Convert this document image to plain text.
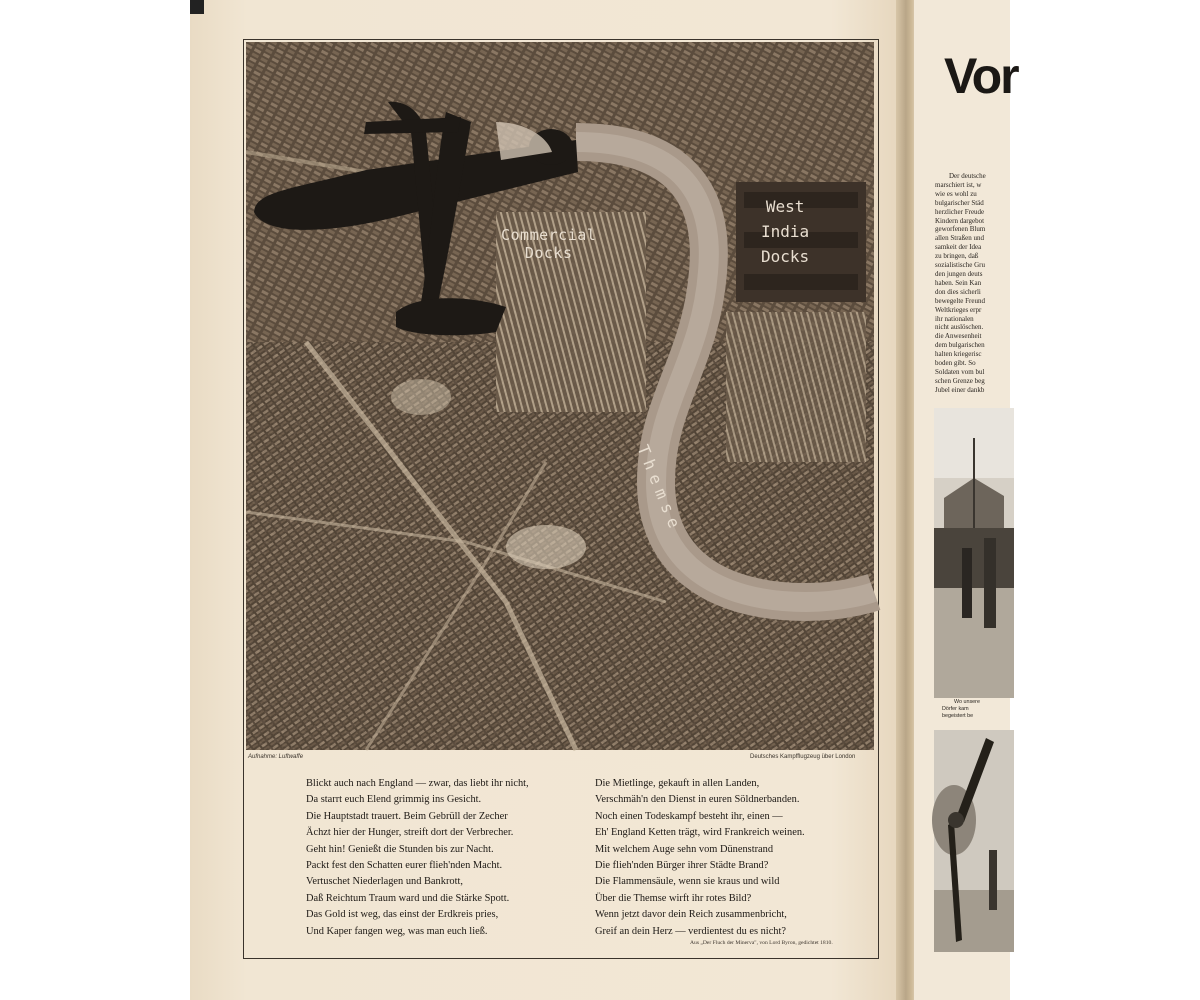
Commercial
Docks
West
India
Docks
Themse
Aufnahme: Luftwaffe	Deutsches Kampfflugzeug über London
Blickt auch nach England — zwar, das liebt ihr nicht,
Da starrt euch Elend grimmig ins Gesicht.
Die Hauptstadt trauert. Beim Gebrüll der Zecher
Ächzt hier der Hunger, streift dort der Verbrecher.
Geht hin! Genießt die Stunden bis zur Nacht.
Packt fest den Schatten eurer flieh'nden Macht.
Vertuschet Niederlagen und Bankrott,
Daß Reichtum Traum ward und die Stärke Spott.
Das Gold ist weg, das einst der Erdkreis pries,
Und Kaper fangen weg, was man euch ließ.
Die Mietlinge, gekauft in allen Landen,
Verschmäh'n den Dienst in euren Söldnerbanden.
Noch einen Todeskampf besteht ihr, einen —
Eh' England Ketten trägt, wird Frankreich weinen.
Mit welchem Auge sehn vom Dünenstrand
Die flieh'nden Bürger ihrer Städte Brand?
Die Flammensäule, wenn sie kraus und wild
Über die Themse wirft ihr rotes Bild?
Wenn jetzt davor dein Reich zusammenbricht,
Greif an dein Herz — verdientest du es nicht?
Aus „Der Fluch der Minerva", von Lord Byron, gedichtet 1810.
Vor
Der deutsche
marschiert ist, w
wie es wohl zu
bulgarischer Städ
herzlicher Freude
Kindern dargebot
geworfenen Blum
allen Straßen und
samkeit der Idea
zu bringen, daß
sozialistische Gru
den jungen deuts
haben. Sein Kan
don dies sicherli
bewegelte Freund
Weltkrieges erpr
ihr nationalen
nicht auslöschen.
die Anwesenheit
dem bulgarischen
halten kriegerisc
boden gibt. So
Soldaten vom bul
schen Grenze beg
Jubel einer dankb
Wo unsere
Dörfer kam
begeistert be
